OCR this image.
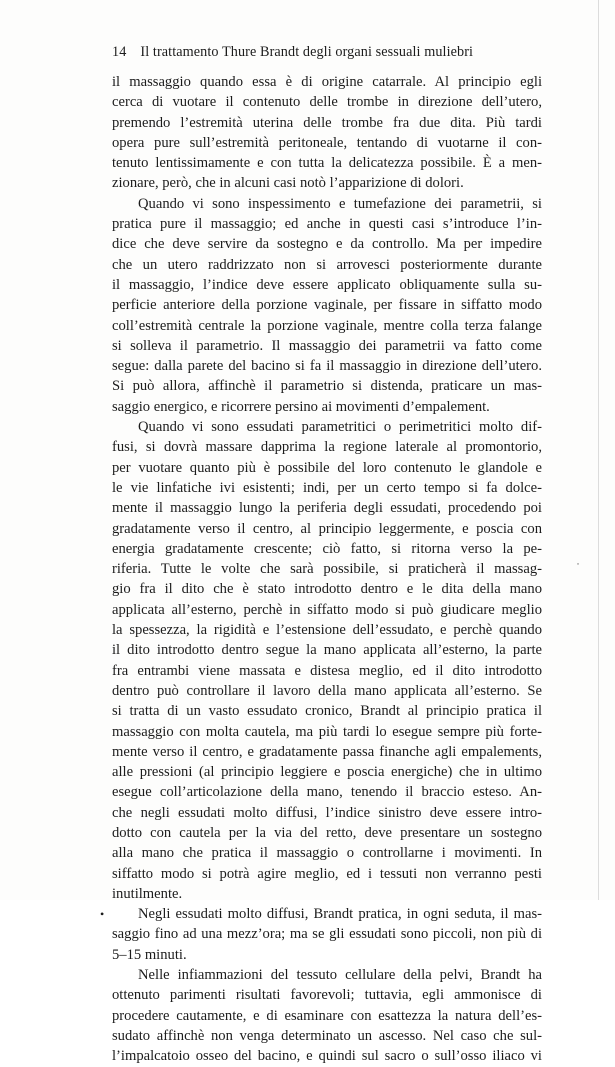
14 Il trattamento Thure Brandt degli organi sessuali muliebri
il massaggio quando essa è di origine catarrale. Al principio egli
cerca di vuotare il contenuto delle trombe in direzione dell’utero,
premendo l’estremità uterina delle trombe fra due dita. Più tardi
opera pure sull’estremità peritoneale, tentando di vuotarne il con-
tenuto lentissimamente e con tutta la delicatezza possibile. È a men-
zionare, però, che in alcuni casi notò l’apparizione di dolori.
Quando vi sono inspessimento e tumefazione dei parametrii, si
pratica pure il massaggio; ed anche in questi casi s’introduce l’in-
dice che deve servire da sostegno e da controllo. Ma per impedire
che un utero raddrizzato non si arrovesci posteriormente durante
il massaggio, l’indice deve essere applicato obliquamente sulla su-
perficie anteriore della porzione vaginale, per fissare in siffatto modo
coll’estremità centrale la porzione vaginale, mentre colla terza falange
si solleva il parametrio. Il massaggio dei parametrii va fatto come
segue: dalla parete del bacino si fa il massaggio in direzione dell’utero.
Si può allora, affinchè il parametrio si distenda, praticare un mas-
saggio energico, e ricorrere persino ai movimenti d’empalement.
Quando vi sono essudati parametritici o perimetritici molto dif-
fusi, si dovrà massare dapprima la regione laterale al promontorio,
per vuotare quanto più è possibile del loro contenuto le glandole e
le vie linfatiche ivi esistenti; indi, per un certo tempo si fa dolce-
mente il massaggio lungo la periferia degli essudati, procedendo poi
gradatamente verso il centro, al principio leggermente, e poscia con
energia gradatamente crescente; ciò fatto, si ritorna verso la pe-
riferia. Tutte le volte che sarà possibile, si praticherà il massag-
gio fra il dito che è stato introdotto dentro e le dita della mano
applicata all’esterno, perchè in siffatto modo si può giudicare meglio
la spessezza, la rigidità e l’estensione dell’essudato, e perchè quando
il dito introdotto dentro segue la mano applicata all’esterno, la parte
fra entrambi viene massata e distesa meglio, ed il dito introdotto
dentro può controllare il lavoro della mano applicata all’esterno. Se
si tratta di un vasto essudato cronico, Brandt al principio pratica il
massaggio con molta cautela, ma più tardi lo esegue sempre più forte-
mente verso il centro, e gradatamente passa finanche agli empalements,
alle pressioni (al principio leggiere e poscia energiche) che in ultimo
esegue coll’articolazione della mano, tenendo il braccio esteso. An-
che negli essudati molto diffusi, l’indice sinistro deve essere intro-
dotto con cautela per la via del retto, deve presentare un sostegno
alla mano che pratica il massaggio o controllarne i movimenti. In
siffatto modo si potrà agire meglio, ed i tessuti non verranno pesti
inutilmente.
• Negli essudati molto diffusi, Brandt pratica, in ogni seduta, il mas-
saggio fino ad una mezz’ora; ma se gli essudati sono piccoli, non più di
5–15 minuti.
Nelle infiammazioni del tessuto cellulare della pelvi, Brandt ha
ottenuto parimenti risultati favorevoli; tuttavia, egli ammonisce di
procedere cautamente, e di esaminare con esattezza la natura dell’es-
sudato affinchè non venga determinato un ascesso. Nel caso che sul-
l’impalcatoio osseo del bacino, e quindi sul sacro o sull’osso iliaco vi
˙
